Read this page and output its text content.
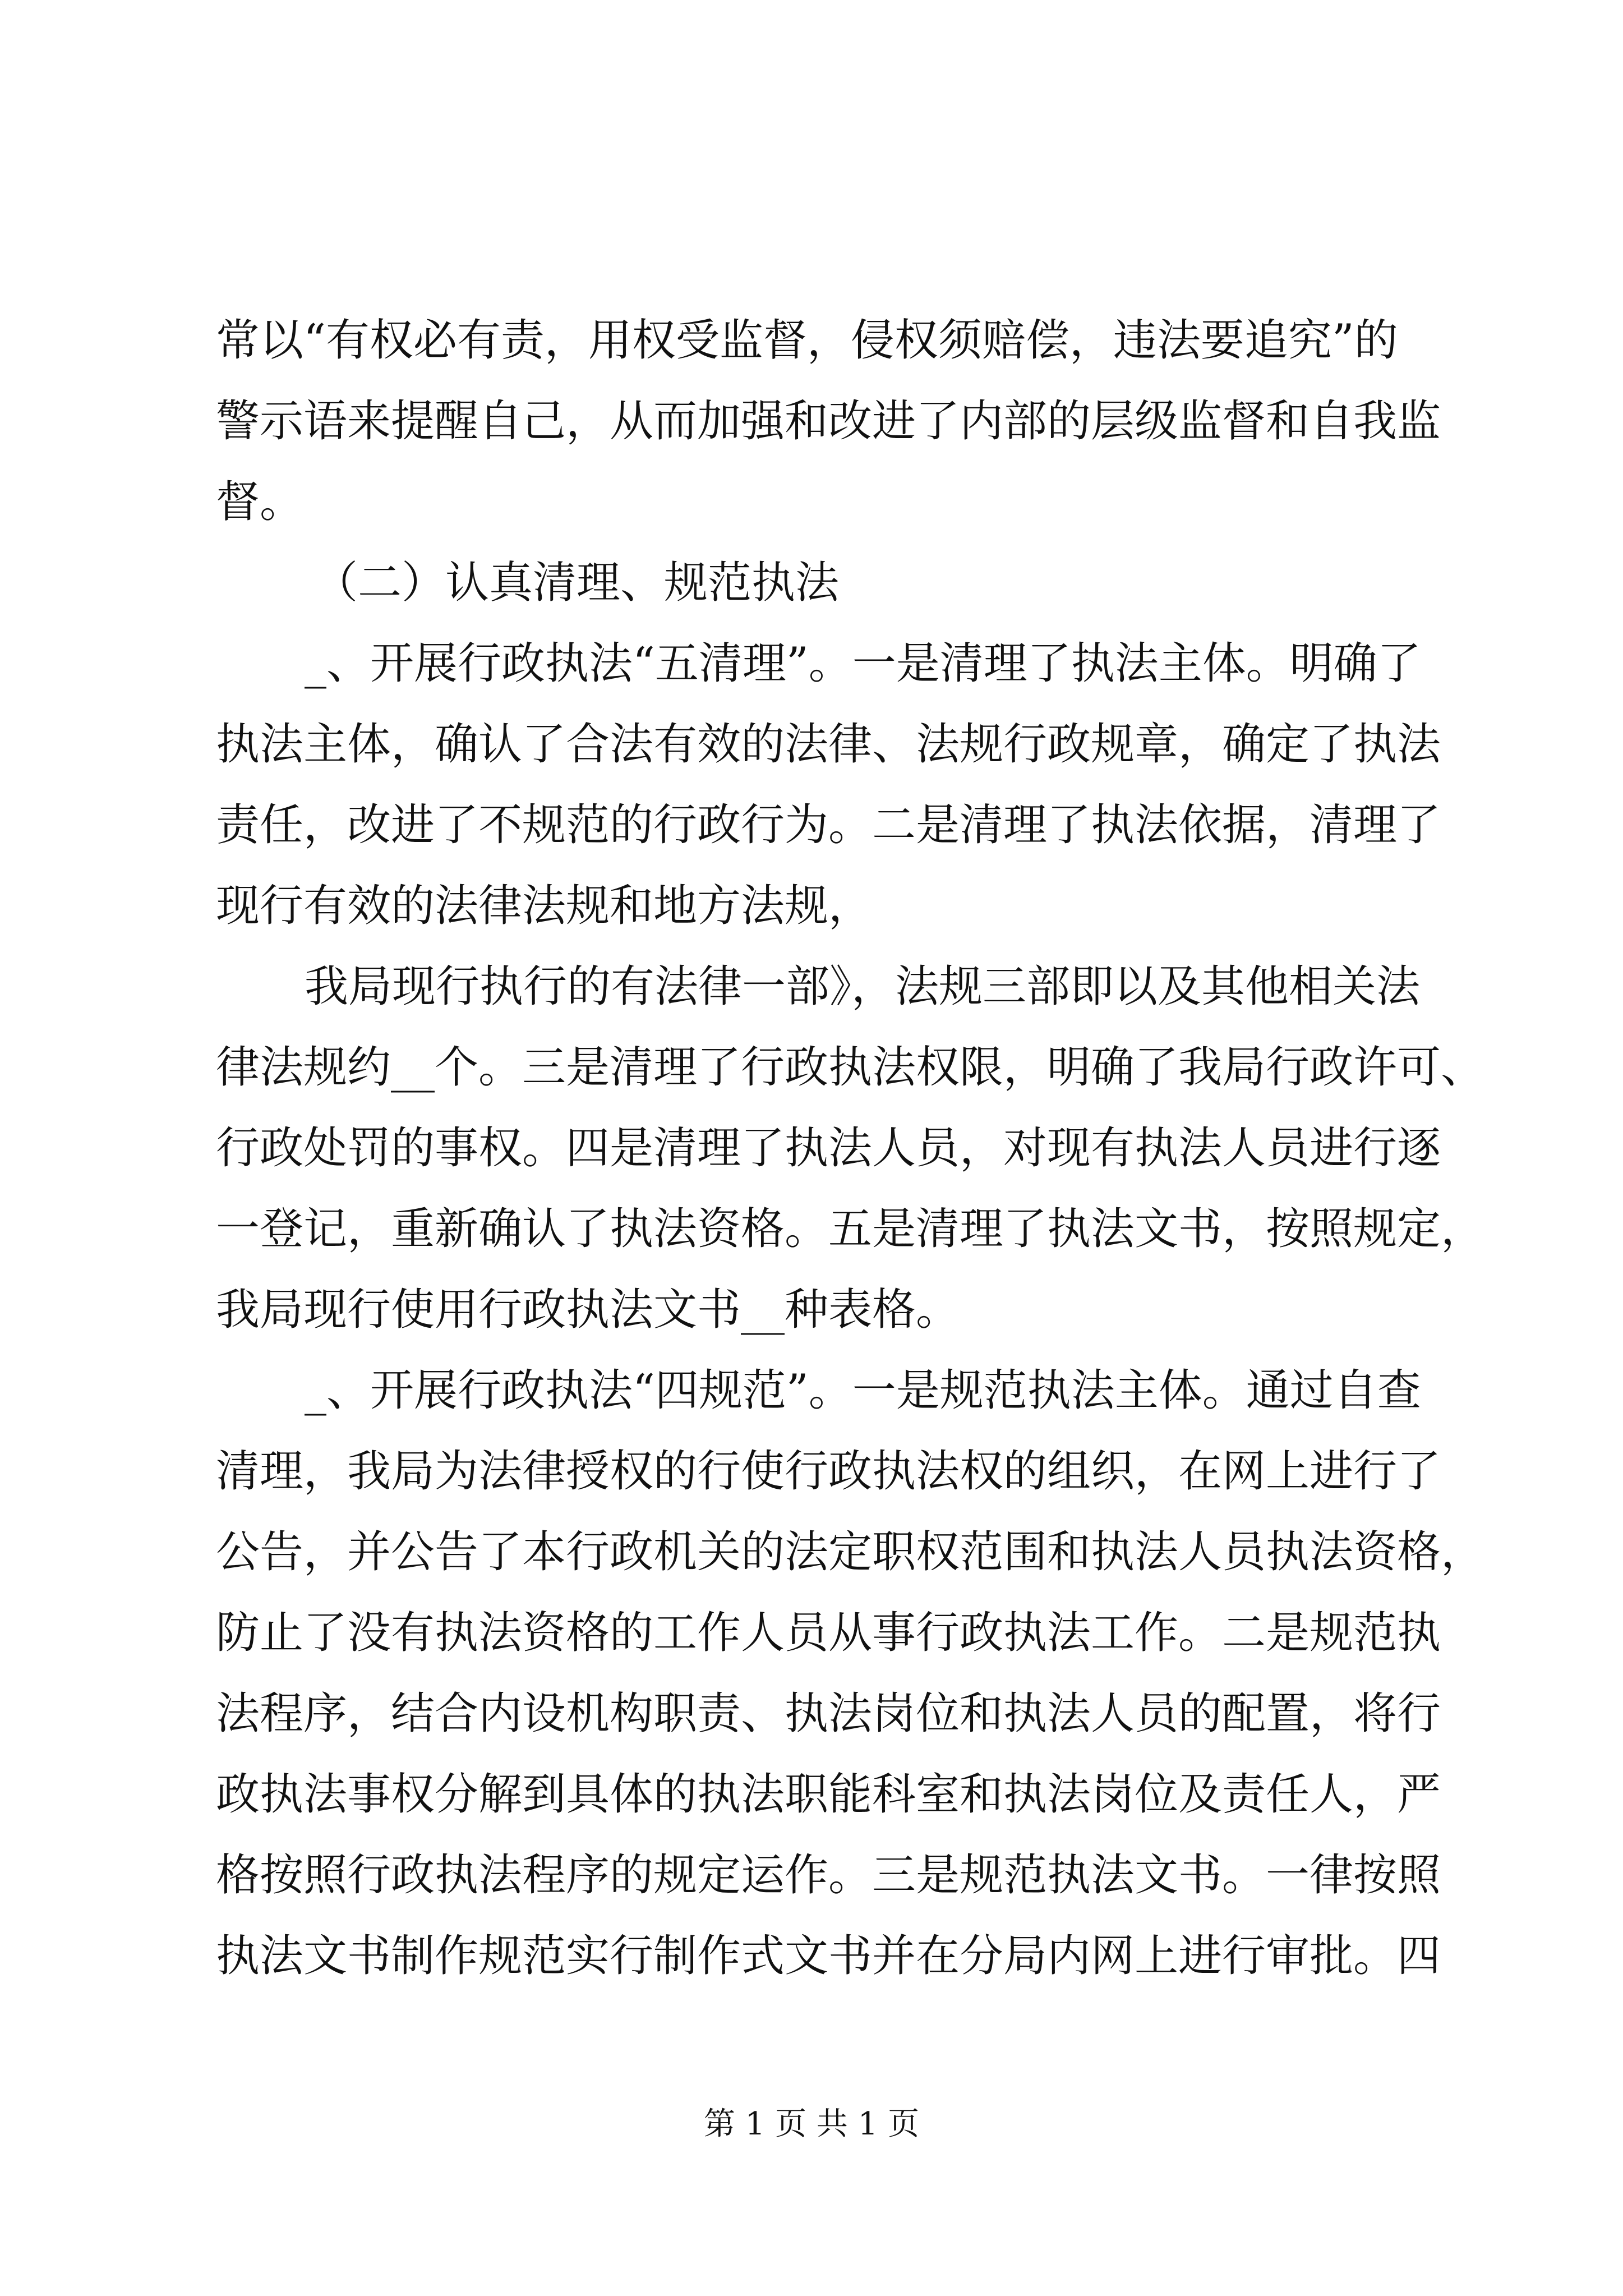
常以“有权必有责，用权受监督，侵权须赔偿，违法要追究”的
警示语来提醒自己，从而加强和改进了内部的层级监督和自我监
督。
（二）认真清理、规范执法
_、开展行政执法“五清理”。一是清理了执法主体。明确了
执法主体，确认了合法有效的法律、法规行政规章，确定了执法
责任，改进了不规范的行政行为。二是清理了执法依据，清理了
现行有效的法律法规和地方法规，
我局现行执行的有法律一部》，法规三部即以及其他相关法
律法规约__个。三是清理了行政执法权限，明确了我局行政许可、
行政处罚的事权。四是清理了执法人员，对现有执法人员进行逐
一登记，重新确认了执法资格。五是清理了执法文书，按照规定，
我局现行使用行政执法文书__种表格。
_、开展行政执法“四规范”。一是规范执法主体。通过自查
清理，我局为法律授权的行使行政执法权的组织，在网上进行了
公告，并公告了本行政机关的法定职权范围和执法人员执法资格，
防止了没有执法资格的工作人员从事行政执法工作。二是规范执
法程序，结合内设机构职责、执法岗位和执法人员的配置，将行
政执法事权分解到具体的执法职能科室和执法岗位及责任人，严
格按照行政执法程序的规定运作。三是规范执法文书。一律按照
执法文书制作规范实行制作式文书并在分局内网上进行审批。四
第 1 页 共 1 页
